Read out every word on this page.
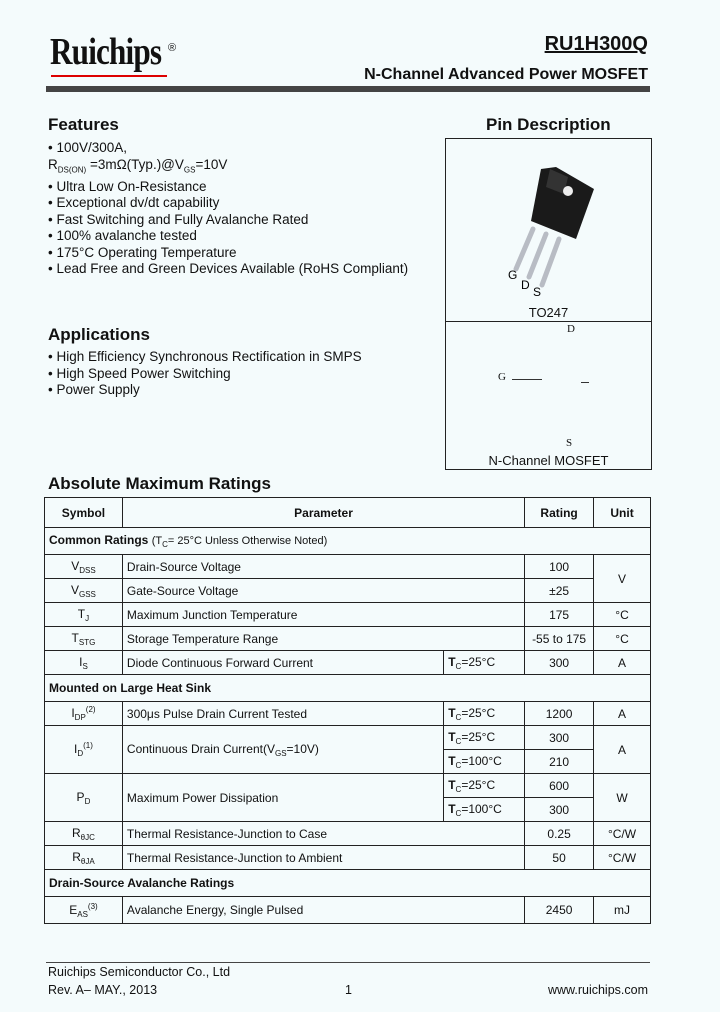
Ruichips ®	RU1H300Q
N-Channel Advanced Power MOSFET
Features
• 100V/300A,
$R_{DS(ON)}$ $=3m\Omega(Typ.)@V_{GS}=10V$
• Ultra Low On-Resistance
• Exceptional dv/dt capability
• Fast Switching and Fully Avalanche Rated
• 100% avalanche tested
• 175°C Operating Temperature
• Lead Free and Green Devices Available (RoHS Compliant)
Applications
• High Efficiency Synchronous Rectification in SMPS
• High Speed Power Switching
• Power Supply
Pin Description
G
D S
TO247
D
G
S
N-Channel MOSFET
Absolute Maximum Ratings
Symbol	Parameter		Rating	Unit
Common Ratings ($T_C= 25^\circ C$ Unless Otherwise Noted)				
$V_{DSS}$	Drain-Source Voltage		100	V
$V_{GSS}$	Gate-Source Voltage		±25	
$T_J$	Maximum Junction Temperature		175	°C
$T_{STG}$	Storage Temperature Range		-55 to 175	°C
$I_S$	Diode Continuous Forward Current	$T_C=25^\circ C$	300	A
Mounted on Large Heat Sink				
$I_{DP}^{(2)}$	300μs Pulse Drain Current Tested	$T_C=25^\circ C$	1200	A
$I_D^{(1)}$	Continuous Drain $Current(V_{GS}=10V)$	$T_C=25^\circ C$	300	A
		$T_C=100^\circ C$	210	
$P_D$	Maximum Power Dissipation	$T_C=25^\circ C$	600	W
		$T_C=100^\circ C$	300	
$R_{\theta JC}$	Thermal Resistance-Junction to Case		0.25	°C/W
$R_{\theta JA}$	Thermal Resistance-Junction to Ambient		50	°C/W
Drain-Source Avalanche Ratings				
$E_{AS}^{(3)}$	Avalanche Energy, Single Pulsed		2450	mJ
Ruichips Semiconductor Co., Ltd
Rev. A– MAY., 2013	1	www.ruichips.com
